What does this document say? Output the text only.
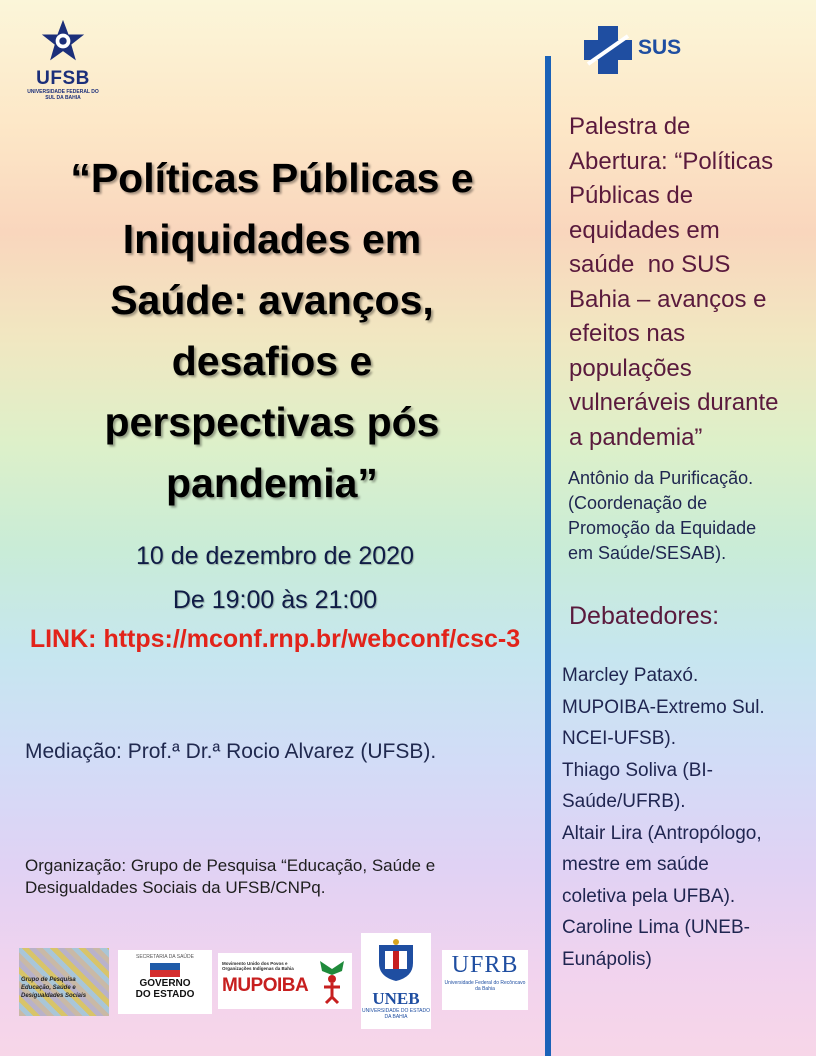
UFSB
UNIVERSIDADE FEDERAL DO SUL DA BAHIA
SUS
“Políticas Públicas e
Iniquidades em
Saúde: avanços,
desafios e
perspectivas pós
pandemia”
10 de dezembro de 2020
De 19:00 às 21:00
LINK: https://mconf.rnp.br/webconf/csc-3
Mediação: Prof.ª Dr.ª Rocio Alvarez (UFSB).
Organização: Grupo de Pesquisa “Educação, Saúde e Desigualdades Sociais da UFSB/CNPq.
Palestra de
Abertura: “Políticas
Públicas de
equidades em
saúde  no SUS
Bahia – avanços e
efeitos nas
populações
vulneráveis durante
a pandemia”
Antônio da Purificação.
(Coordenação de
Promoção da Equidade
em Saúde/SESAB).
Debatedores:
Marcley Pataxó.
MUPOIBA-Extremo Sul.
NCEI-UFSB).
Thiago Soliva (BI-
Saúde/UFRB).
Altair Lira (Antropólogo,
mestre em saúde
coletiva pela UFBA).
Caroline Lima (UNEB-
Eunápolis)
Grupo de Pesquisa Educação, Saúde e Desigualdades Sociais
SECRETARIA DA SAÚDE
GOVERNO
DO ESTADO
Movimento Unido dos Povos e Organizações Indígenas da Bahia
MUPOIBA
UNEB
UNIVERSIDADE DO ESTADO DA BAHIA
UFRB
Universidade Federal do Recôncavo da Bahia
